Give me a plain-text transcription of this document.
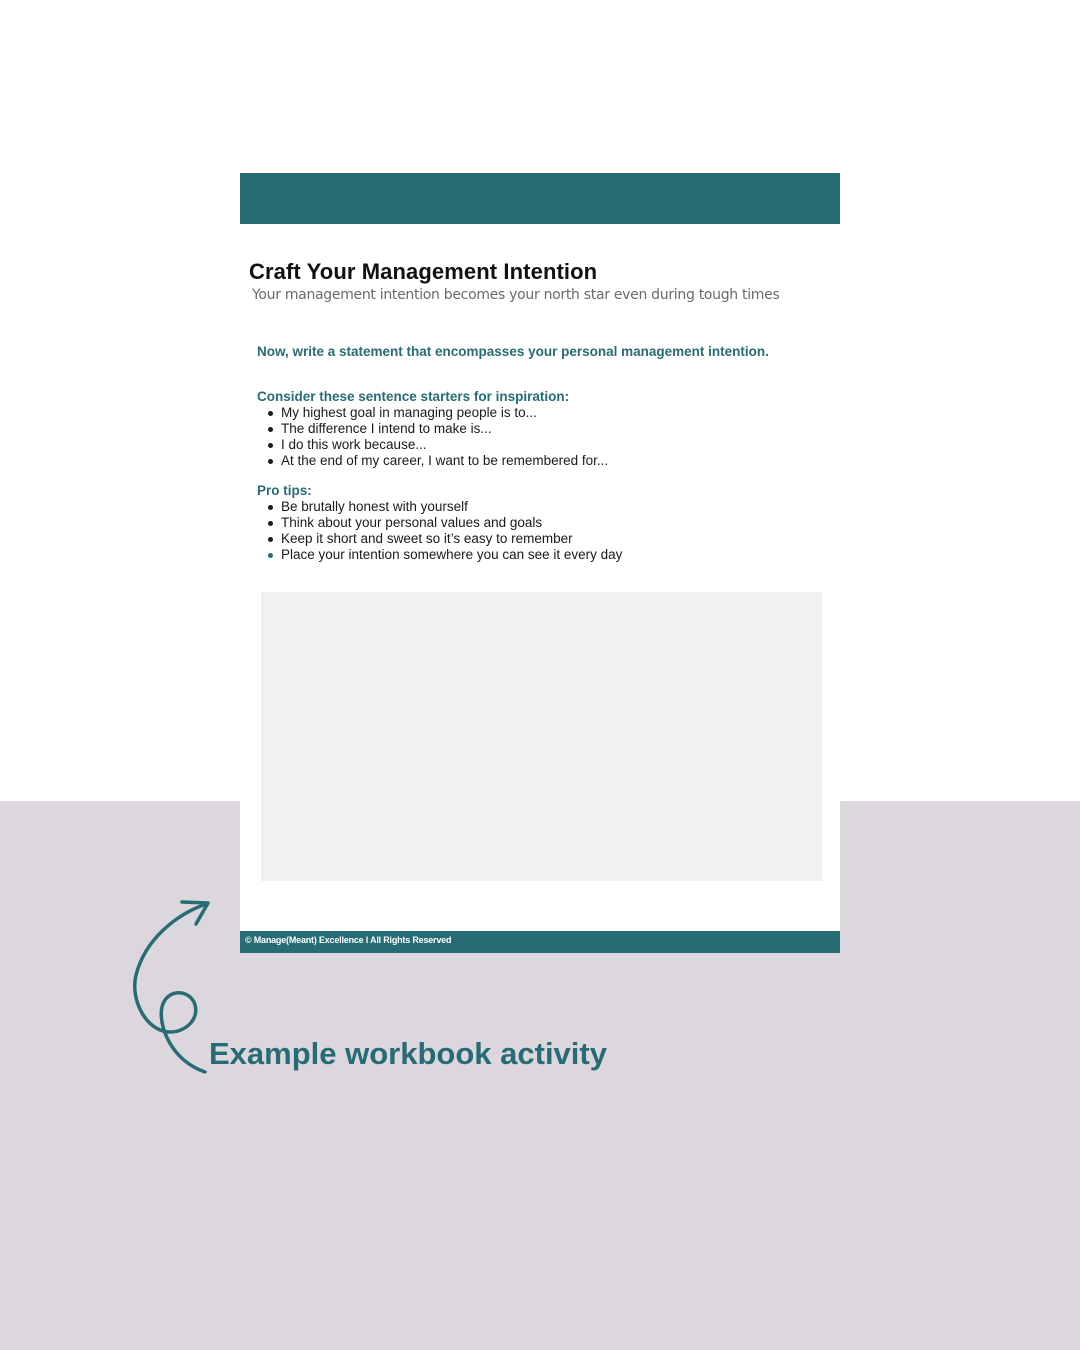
Craft Your Management Intention
Your management intention becomes your north star even during tough times
Now, write a statement that encompasses your personal management intention.
Consider these sentence starters for inspiration:
My highest goal in managing people is to...
The difference I intend to make is...
I do this work because...
At the end of my career, I want to be remembered for...
Pro tips:
Be brutally honest with yourself
Think about your personal values and goals
Keep it short and sweet so it’s easy to remember
Place your intention somewhere you can see it every day
© Manage(Meant) Excellence l All Rights Reserved
Example workbook activity
